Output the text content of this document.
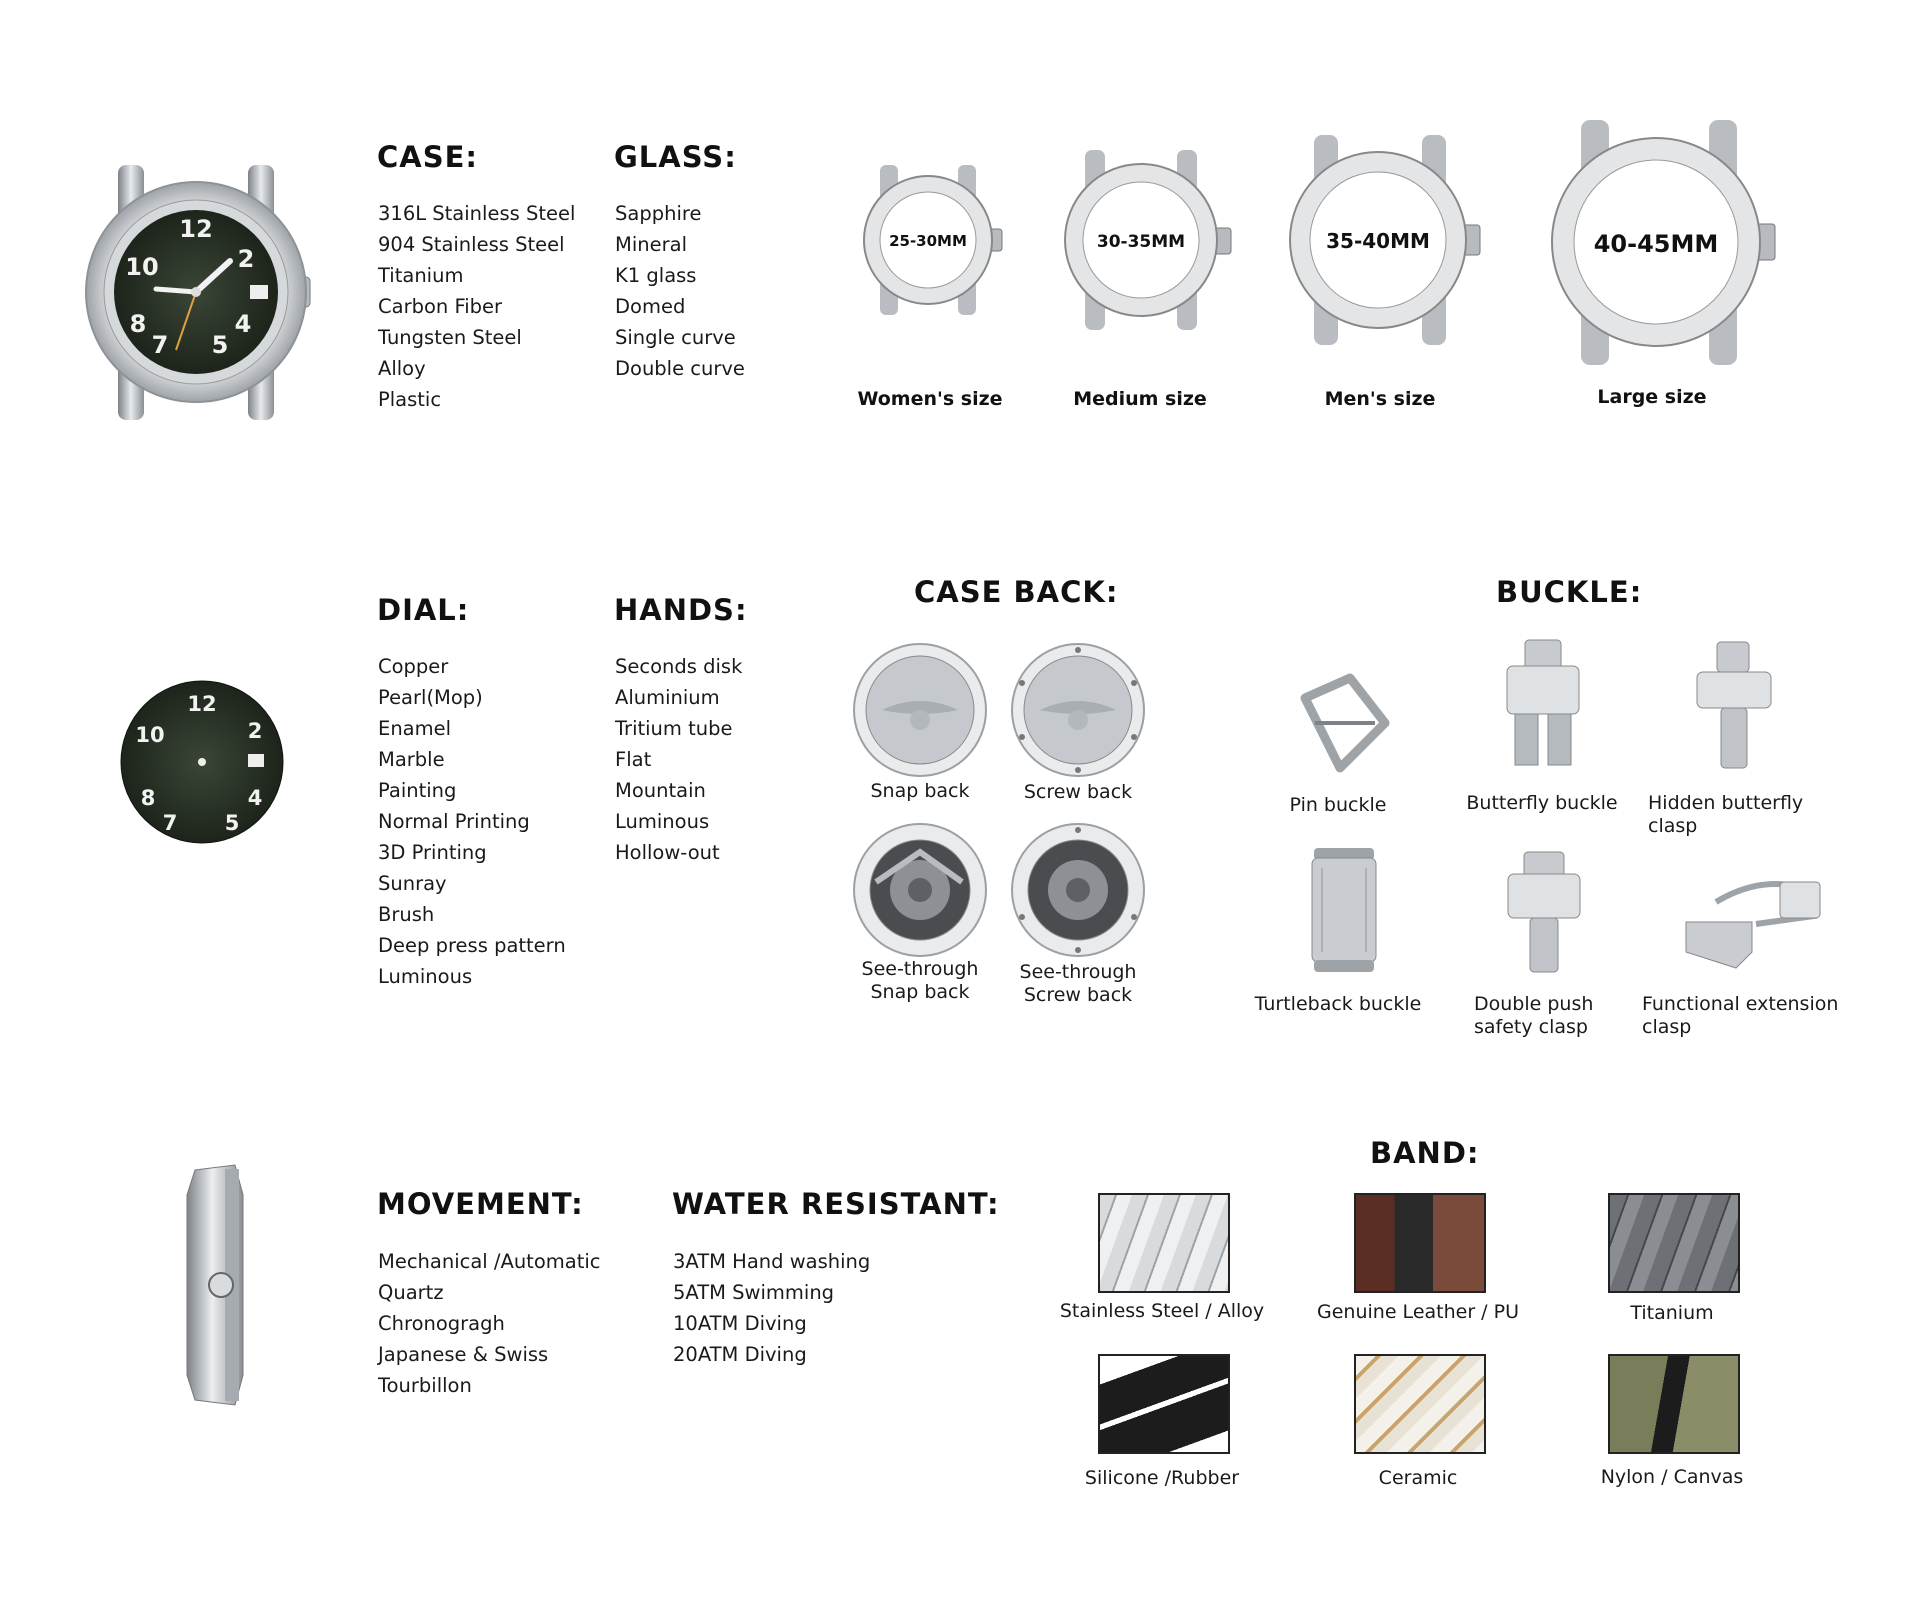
12
2
4
5
7
8
10
CASE:
316L Stainless Steel
904 Stainless Steel
Titanium
Carbon Fiber
Tungsten Steel
Alloy
Plastic
GLASS:
Sapphire
Mineral
K1 glass
Domed
Single curve
Double curve
25-30MM	30-35MM	35-40MM	40-45MM
Women's size	Medium size	Men's size	Large size
12
2
4
5
7
8
10
DIAL:
Copper
Pearl(Mop)
Enamel
Marble
Painting
Normal Printing
3D Printing
Sunray
Brush
Deep press pattern
Luminous
HANDS:
Seconds disk
Aluminium
Tritium tube
Flat
Mountain
Luminous
Hollow-out
CASE BACK:
Snap back	Screw back
See-through
Snap back
See-through
Screw back
BUCKLE:
Pin buckle	Butterfly buckle	Hidden butterfly
clasp
Turtleback buckle	Double push
safety clasp
Functional extension
clasp
MOVEMENT:
Mechanical /Automatic
Quartz
Chronogragh
Japanese & Swiss
Tourbillon
WATER RESISTANT:
3ATM Hand washing
5ATM Swimming
10ATM Diving
20ATM Diving
BAND:
Stainless Steel / Alloy	Genuine Leather / PU	Titanium
Silicone /Rubber	Ceramic	Nylon / Canvas
